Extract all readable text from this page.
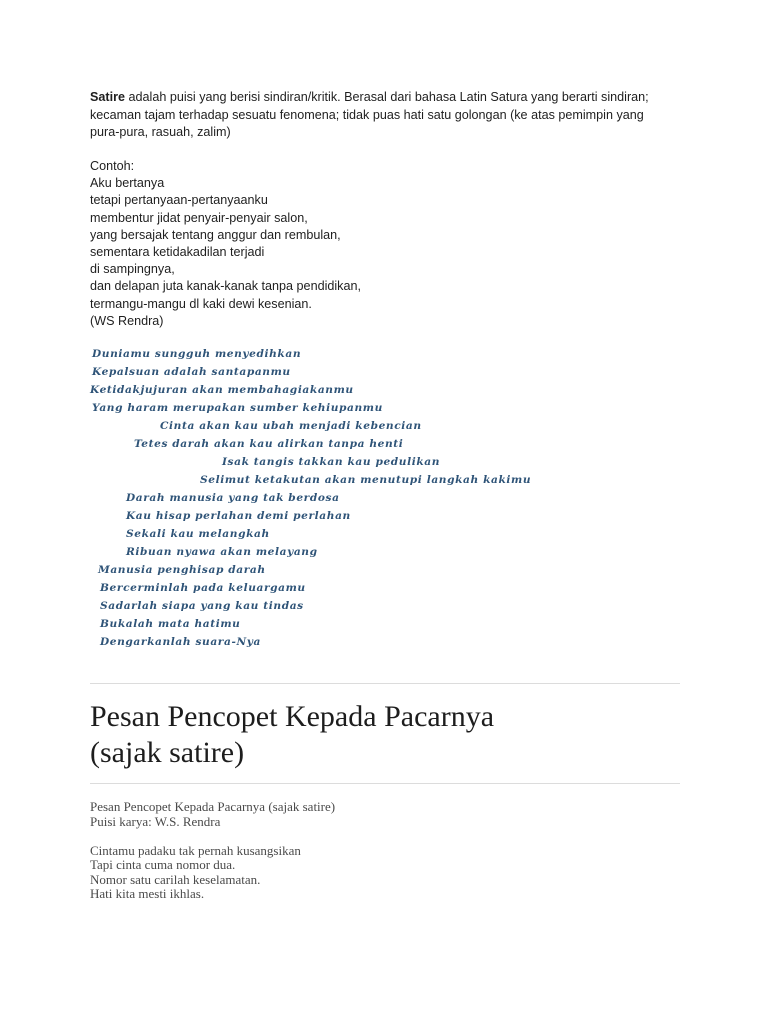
Satire adalah puisi yang berisi sindiran/kritik. Berasal dari bahasa Latin Satura yang berarti sindiran;

kecaman tajam terhadap sesuatu fenomena; tidak puas hati satu golongan (ke atas pemimpin yang

pura-pura, rasuah, zalim)

Contoh:
Aku bertanya
tetapi pertanyaan-pertanyaanku
membentur jidat penyair-penyair salon,
yang bersajak tentang anggur dan rembulan,
sementara ketidakadilan terjadi
di sampingnya,
dan delapan juta kanak-kanak tanpa pendidikan,
termangu-mangu dl kaki dewi kesenian.
(WS Rendra)
Duniamu sungguh menyedihkan
Kepalsuan adalah santapanmu
Ketidakjujuran akan membahagiakanmu
Yang haram merupakan sumber kehiupanmu
Cinta akan kau ubah menjadi kebencian
Tetes darah akan kau alirkan tanpa henti
Isak tangis takkan kau pedulikan
Selimut ketakutan akan menutupi langkah kakimu
Darah manusia yang tak berdosa
Kau hisap perlahan demi perlahan
Sekali kau melangkah
Ribuan nyawa akan melayang
Manusia penghisap darah
Bercerminlah pada keluargamu
Sadarlah siapa yang kau tindas
Bukalah mata hatimu
Dengarkanlah suara-Nya
Pesan Pencopet Kepada Pacarnya
(sajak satire)
Pesan Pencopet Kepada Pacarnya (sajak satire)
Puisi karya: W.S. Rendra
Cintamu padaku tak pernah kusangsikan
Tapi cinta cuma nomor dua.
Nomor satu carilah keselamatan.
Hati kita mesti ikhlas.
